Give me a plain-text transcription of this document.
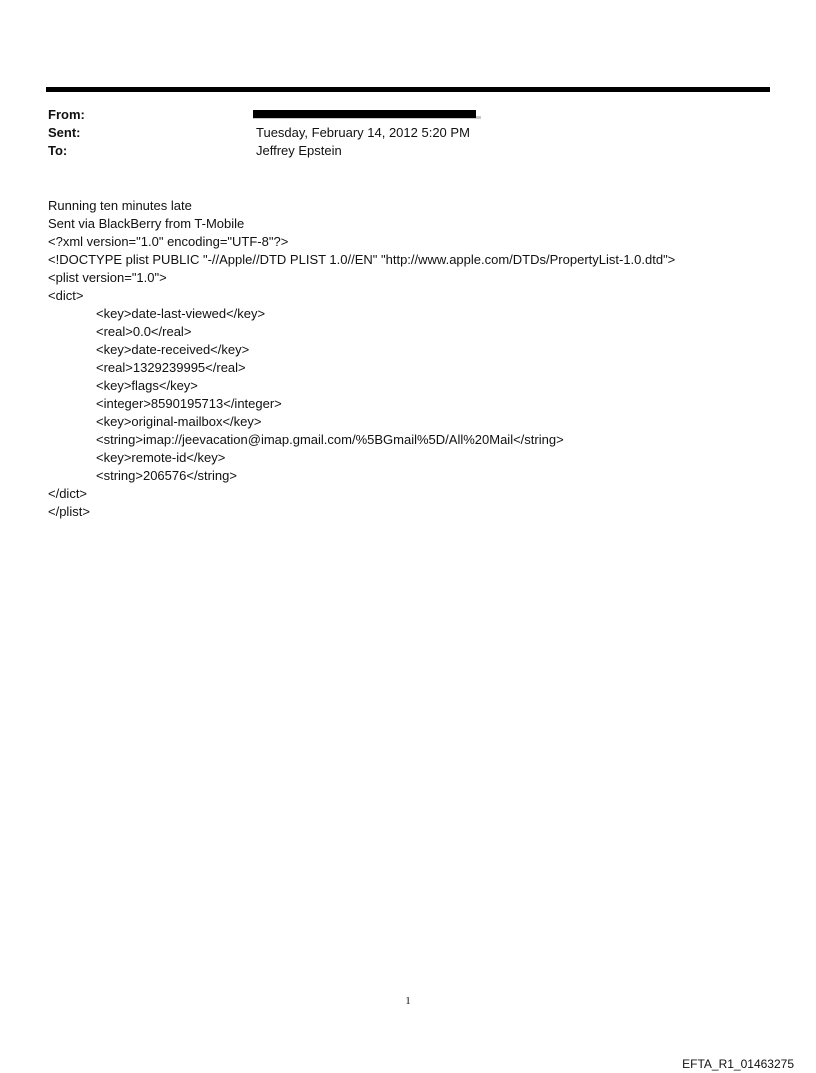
From:
Sent:	Tuesday, February 14, 2012 5:20 PM
To:	Jeffrey Epstein
Running ten minutes late
Sent via BlackBerry from T-Mobile
<?xml version="1.0" encoding="UTF-8"?>
<!DOCTYPE plist PUBLIC "-//Apple//DTD PLIST 1.0//EN" "http://www.apple.com/DTDs/PropertyList-1.0.dtd">
<plist version="1.0">
<dict>
<key>date-last-viewed</key>
<real>0.0</real>
<key>date-received</key>
<real>1329239995</real>
<key>flags</key>
<integer>8590195713</integer>
<key>original-mailbox</key>
<string>imap://jeevacation@imap.gmail.com/%5BGmail%5D/All%20Mail</string>
<key>remote-id</key>
<string>206576</string>
</dict>
</plist>
1
EFTA_R1_01463275
